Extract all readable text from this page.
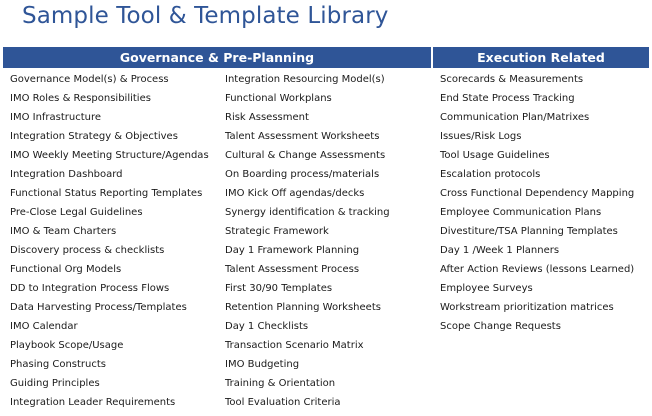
Sample Tool & Template Library
Governance & Pre-Planning	Execution Related
Governance Model(s) & Process
IMO Roles & Responsibilities
IMO Infrastructure
Integration Strategy & Objectives
IMO Weekly Meeting Structure/Agendas
Integration Dashboard
Functional Status Reporting Templates
Pre-Close Legal Guidelines
IMO & Team Charters
Discovery process & checklists
Functional Org Models
DD to Integration Process Flows
Data Harvesting Process/Templates
IMO Calendar
Playbook Scope/Usage
Phasing Constructs
Guiding Principles
Integration Leader Requirements
Integration Resourcing Model(s)
Functional Workplans
Risk Assessment
Talent Assessment Worksheets
Cultural & Change Assessments
On Boarding process/materials
IMO Kick Off agendas/decks
Synergy identification & tracking
Strategic Framework
Day 1 Framework Planning
Talent Assessment Process
First 30/90 Templates
Retention Planning Worksheets
Day 1 Checklists
Transaction Scenario Matrix
IMO Budgeting
Training & Orientation
Tool Evaluation Criteria
Scorecards & Measurements
End State Process Tracking
Communication Plan/Matrixes
Issues/Risk Logs
Tool Usage Guidelines
Escalation protocols
Cross Functional Dependency Mapping
Employee Communication Plans
Divestiture/TSA Planning Templates
Day 1 /Week 1 Planners
After Action Reviews (lessons Learned)
Employee Surveys
Workstream prioritization matrices
Scope Change Requests
